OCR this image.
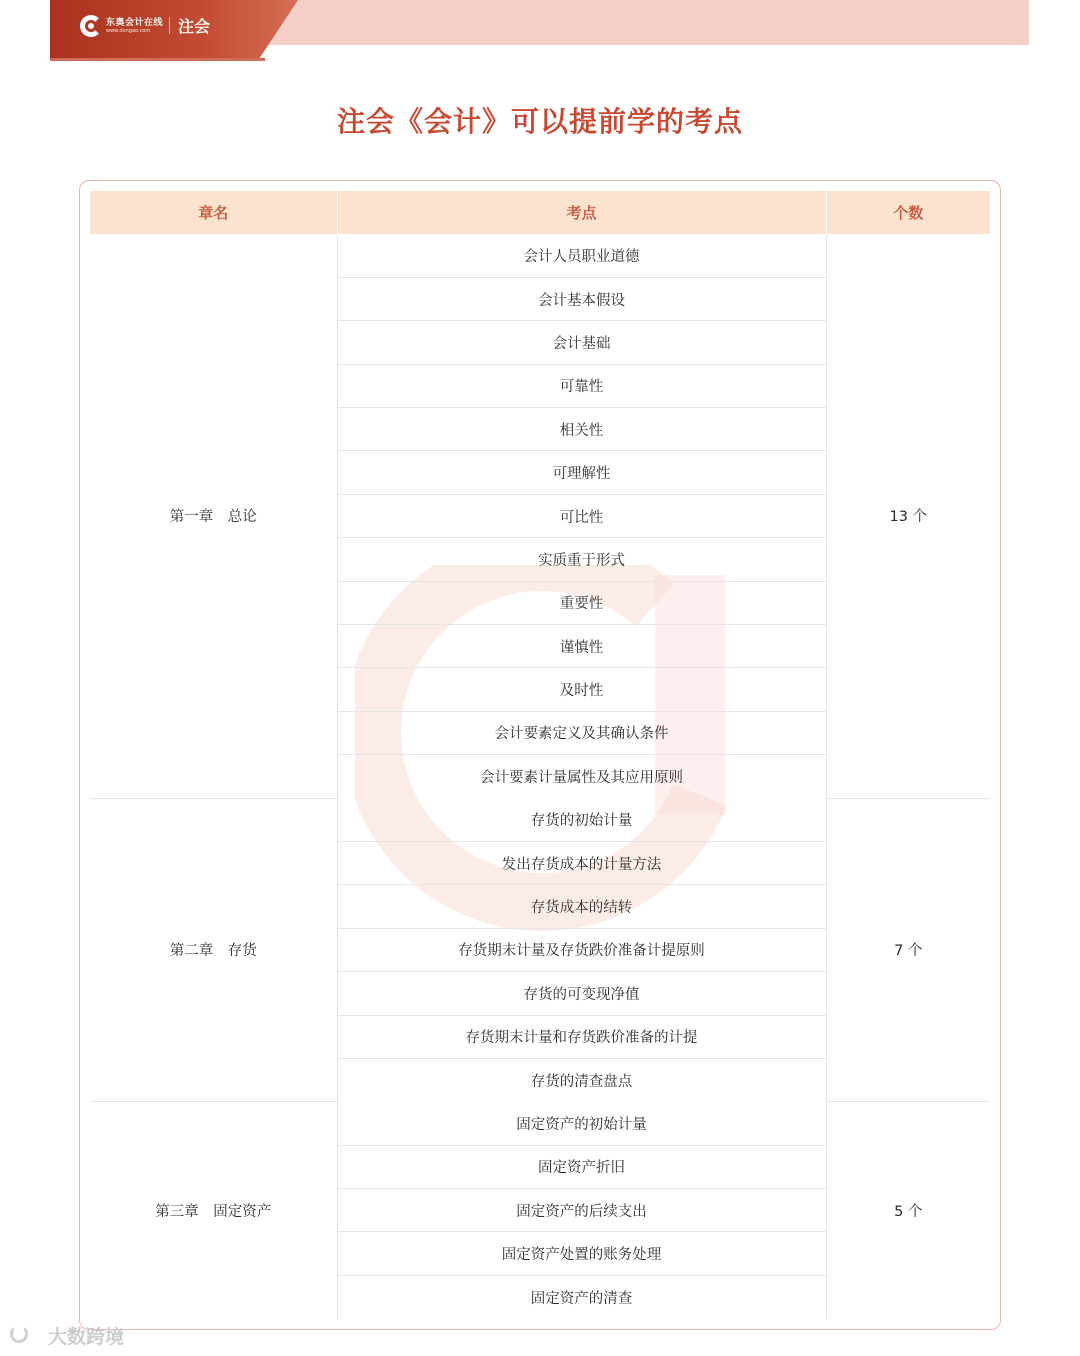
东奥会计在线
www.dongao.com 注会
注会《会计》可以提前学的考点
章名	考点	个数
第一章　总论	会计人员职业道德	13 个
	会计基本假设	
	会计基础	
	可靠性	
	相关性	
	可理解性	
	可比性	
	实质重于形式	
	重要性	
	谨慎性	
	及时性	
	会计要素定义及其确认条件	
	会计要素计量属性及其应用原则	
第二章　存货	存货的初始计量	7 个
	发出存货成本的计量方法	
	存货成本的结转	
	存货期末计量及存货跌价准备计提原则	
	存货的可变现净值	
	存货期末计量和存货跌价准备的计提	
	存货的清查盘点	
第三章　固定资产	固定资产的初始计量	5 个
	固定资产折旧	
	固定资产的后续支出	
	固定资产处置的账务处理	
	固定资产的清查	
大数跨境
